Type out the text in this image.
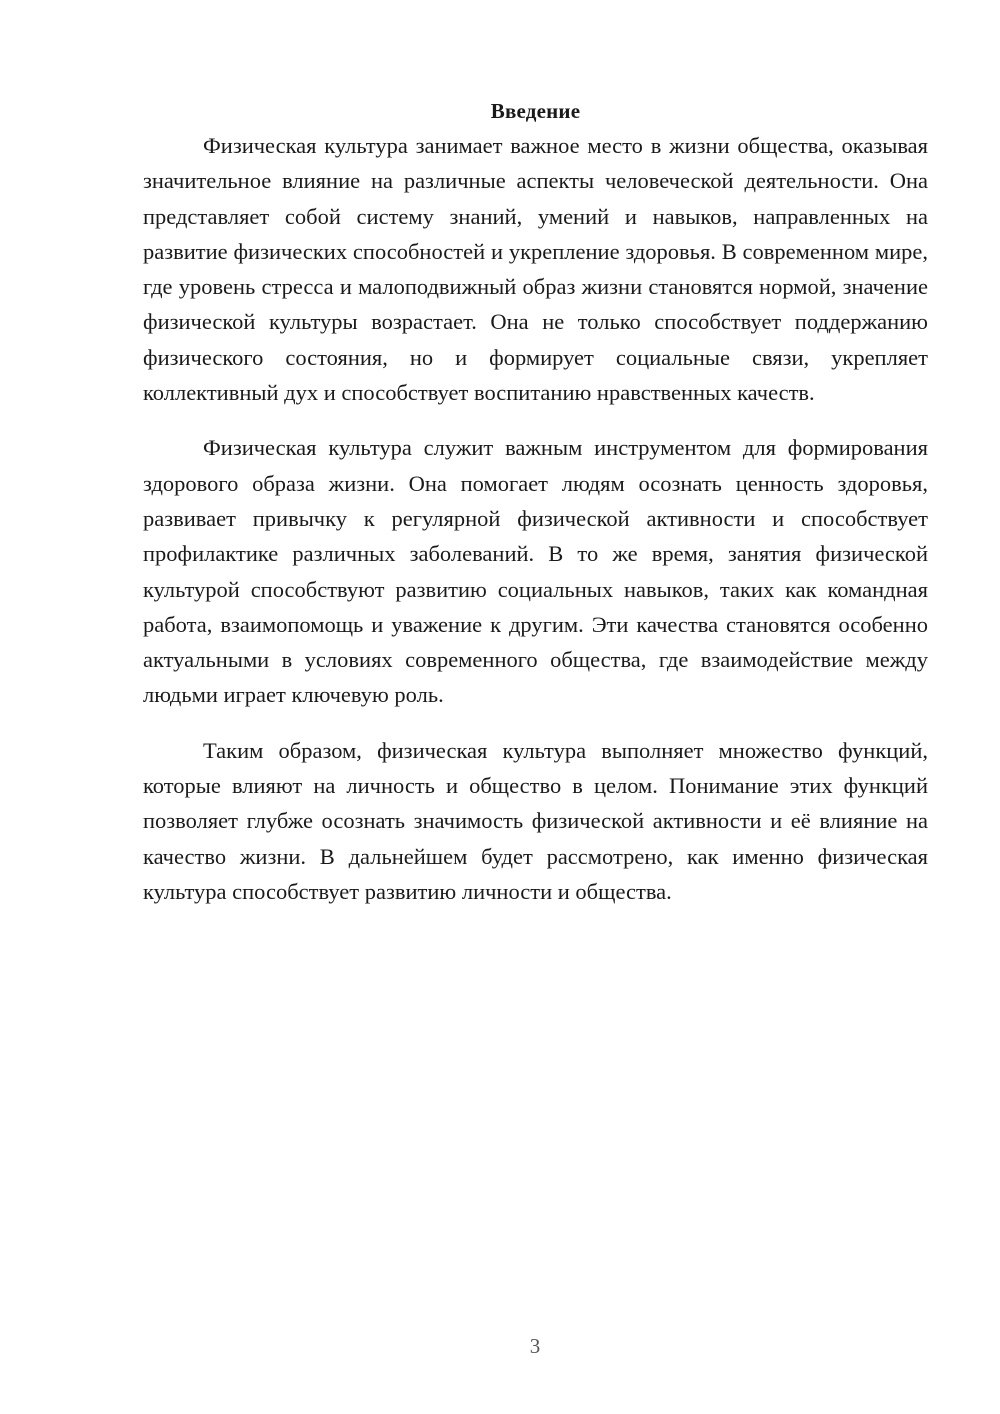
Введение

Физическая культура занимает важное место в жизни общества, оказывая значительное влияние на различные аспекты человеческой деятельности. Она представляет собой систему знаний, умений и навыков, направленных на развитие физических способностей и укрепление здоровья. В современном мире, где уровень стресса и малоподвижный образ жизни становятся нормой, значение физической культуры возрастает. Она не только способствует поддержанию физического состояния, но и формирует социальные связи, укрепляет коллективный дух и способствует воспитанию нравственных качеств.

Физическая культура служит важным инструментом для формирования здорового образа жизни. Она помогает людям осознать ценность здоровья, развивает привычку к регулярной физической активности и способствует профилактике различных заболеваний. В то же время, занятия физической культурой способствуют развитию социальных навыков, таких как командная работа, взаимопомощь и уважение к другим. Эти качества становятся особенно актуальными в условиях современного общества, где взаимодействие между людьми играет ключевую роль.

Таким образом, физическая культура выполняет множество функций, которые влияют на личность и общество в целом. Понимание этих функций позволяет глубже осознать значимость физической активности и её влияние на качество жизни. В дальнейшем будет рассмотрено, как именно физическая культура способствует развитию личности и общества.

3
